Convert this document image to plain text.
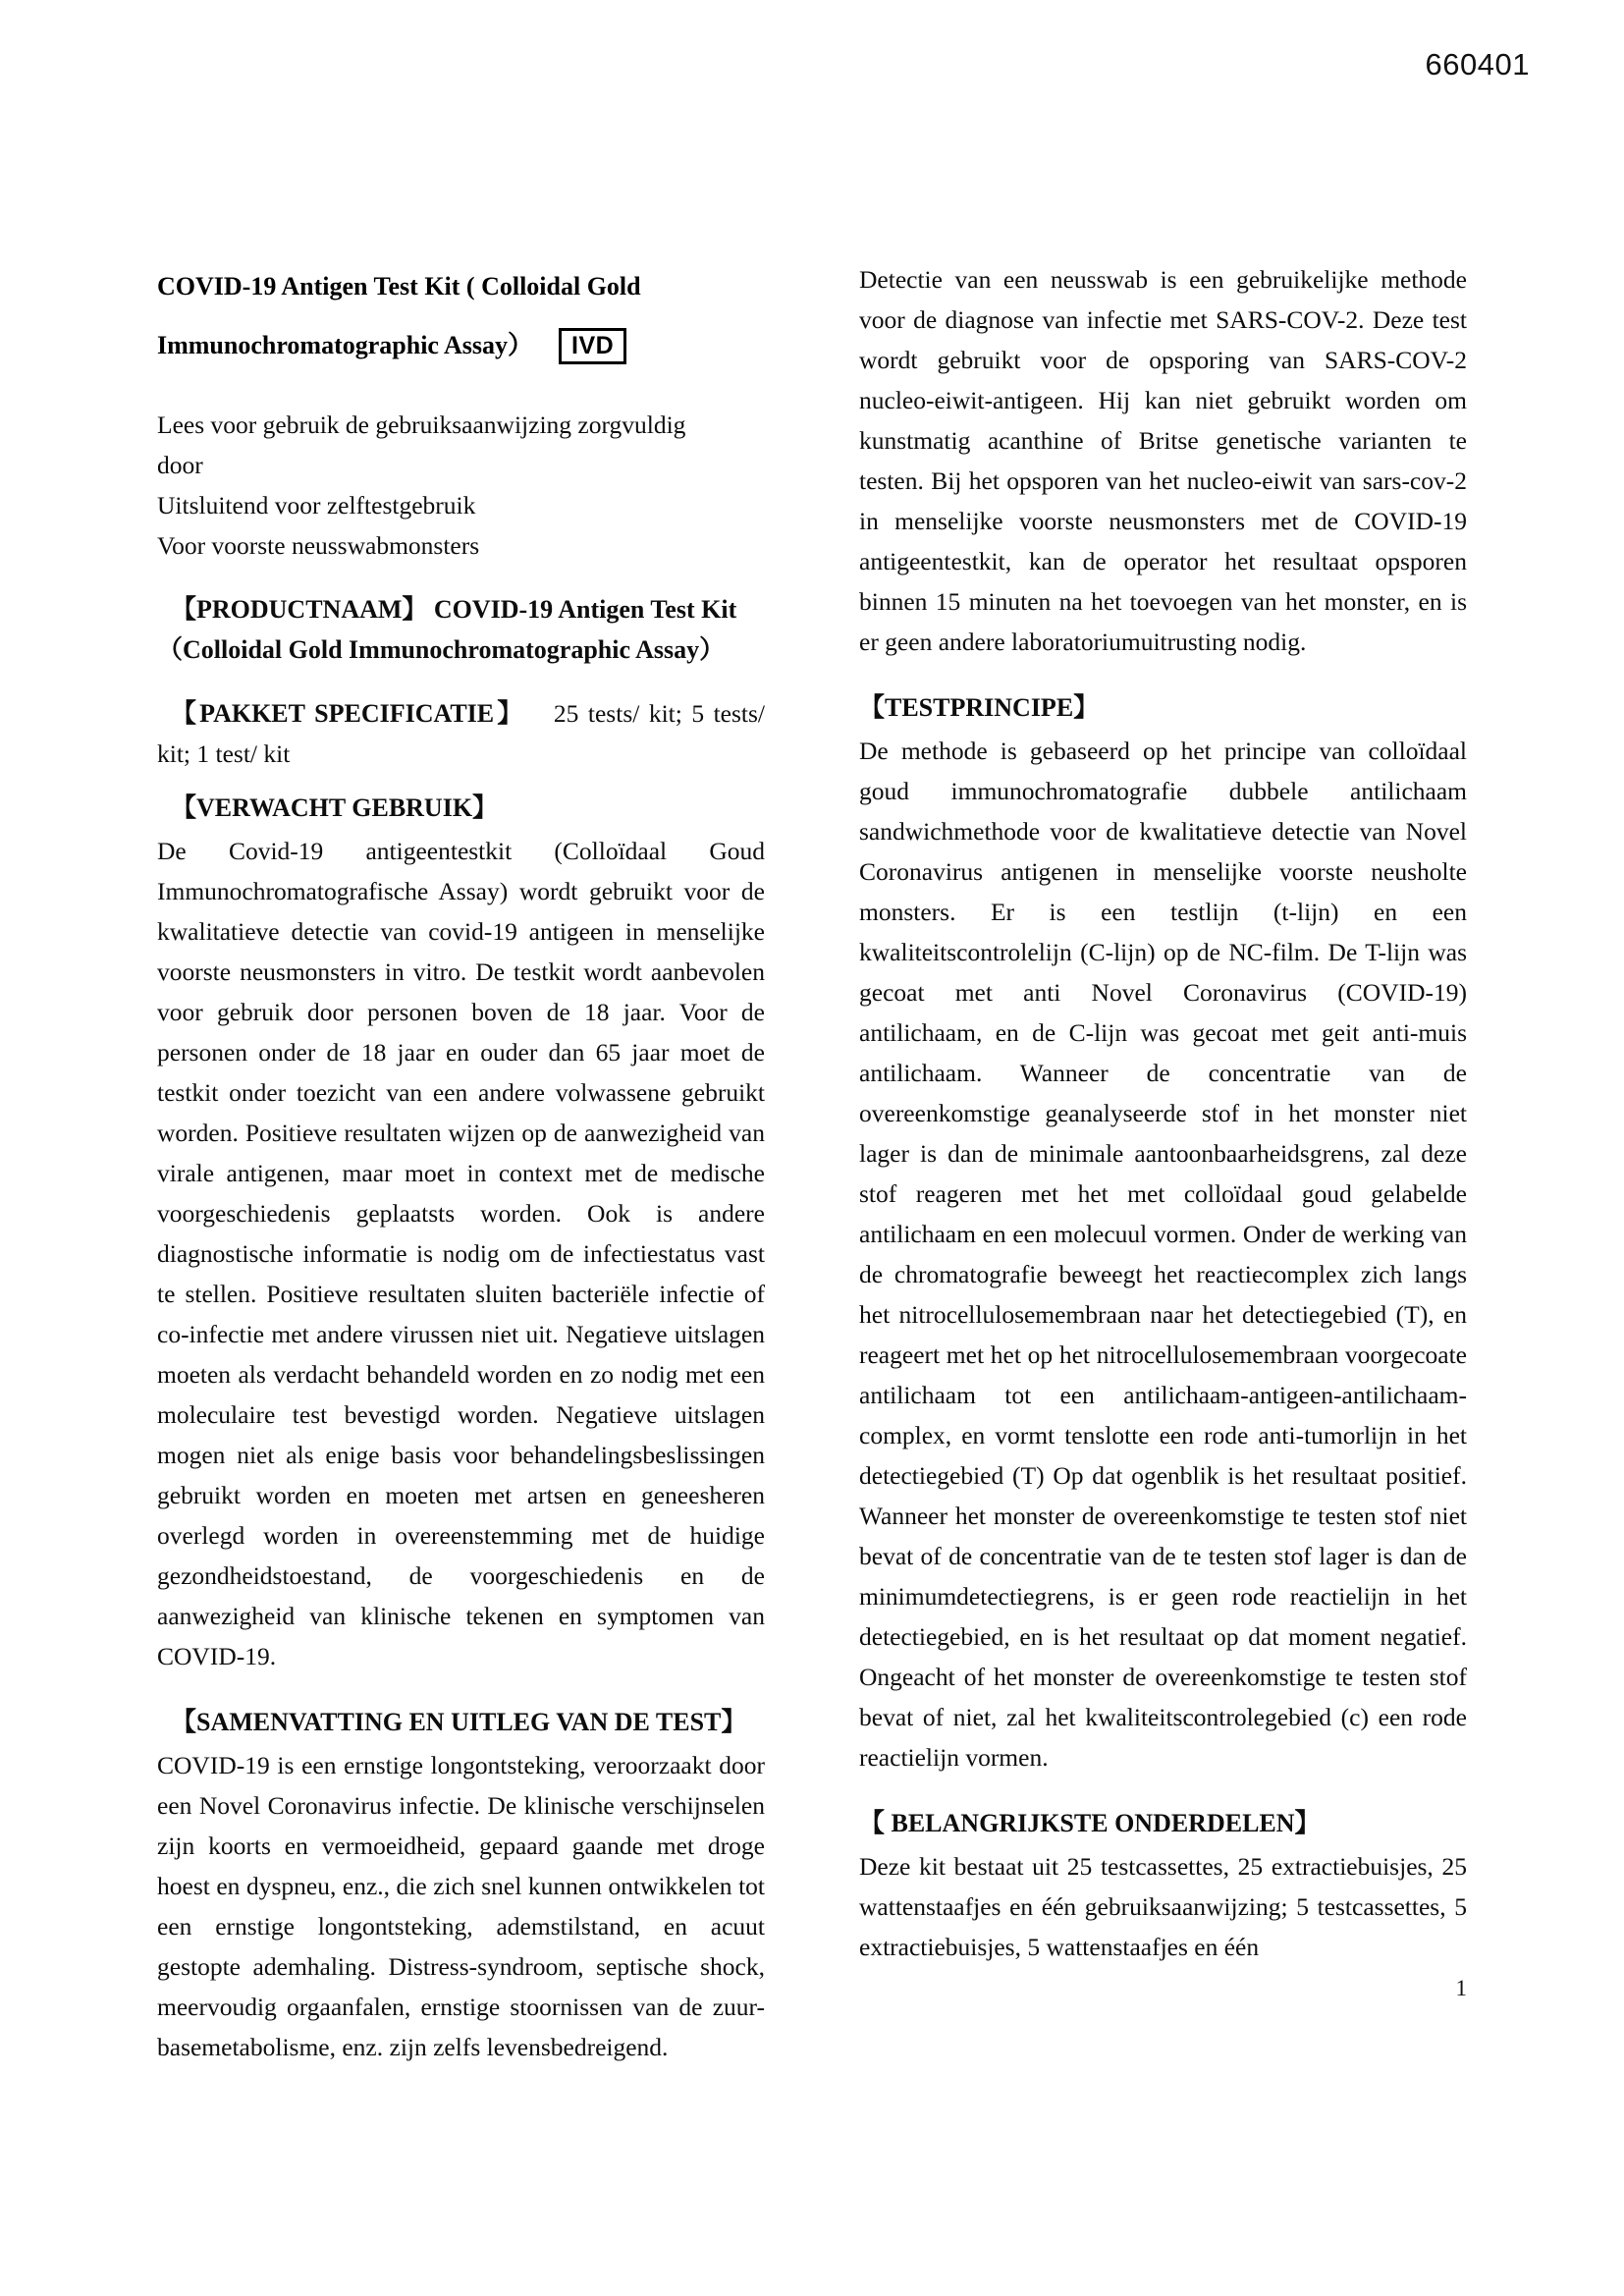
660401
COVID-19 Antigen Test Kit ( Colloidal Gold
Immunochromatographic Assay）	IVD

Lees voor gebruik de gebruiksaanwijzing zorgvuldig

door

Uitsluitend voor zelftestgebruik

Voor voorste neusswabmonsters

【PRODUCTNAAM】 COVID-19 Antigen Test Kit
（Colloidal Gold Immunochromatographic Assay）

【PAKKET SPECIFICATIE】 25 tests/ kit; 5 tests/ kit; 1 test/ kit

【VERWACHT GEBRUIK】

De Covid-19 antigeentestkit (Colloïdaal Goud Immunochromatografische Assay) wordt gebruikt voor de kwalitatieve detectie van covid-19 antigeen in menselijke voorste neusmonsters in vitro. De testkit wordt aanbevolen voor gebruik door personen boven de 18 jaar. Voor de personen onder de 18 jaar en ouder dan 65 jaar moet de testkit onder toezicht van een andere volwassene gebruikt worden. Positieve resultaten wijzen op de aanwezigheid van virale antigenen, maar moet in context met de medische voorgeschiedenis geplaatsts worden. Ook is andere diagnostische informatie is nodig om de infectiestatus vast te stellen. Positieve resultaten sluiten bacteriële infectie of co-infectie met andere virussen niet uit. Negatieve uitslagen moeten als verdacht behandeld worden en zo nodig met een moleculaire test bevestigd worden. Negatieve uitslagen mogen niet als enige basis voor behandelingsbeslissingen gebruikt worden en moeten met artsen en geneesheren overlegd worden in overeenstemming met de huidige gezondheidstoestand, de voorgeschiedenis en de aanwezigheid van klinische tekenen en symptomen van COVID-19.

【SAMENVATTING EN UITLEG VAN DE TEST】

COVID-19 is een ernstige longontsteking, veroorzaakt door een Novel Coronavirus infectie. De klinische verschijnselen zijn koorts en vermoeidheid, gepaard gaande met droge hoest en dyspneu, enz., die zich snel kunnen ontwikkelen tot een ernstige longontsteking, ademstilstand, en acuut gestopte ademhaling. Distress-syndroom, septische shock, meervoudig orgaanfalen, ernstige stoornissen van de zuur-basemetabolisme, enz. zijn zelfs levensbedreigend.

Detectie van een neusswab is een gebruikelijke methode voor de diagnose van infectie met SARS-COV-2. Deze test wordt gebruikt voor de opsporing van SARS-COV-2 nucleo-eiwit-antigeen. Hij kan niet gebruikt worden om kunstmatig acanthine of Britse genetische varianten te testen. Bij het opsporen van het nucleo-eiwit van sars-cov-2 in menselijke voorste neusmonsters met de COVID-19 antigeentestkit, kan de operator het resultaat opsporen binnen 15 minuten na het toevoegen van het monster, en is er geen andere laboratoriumuitrusting nodig.

【TESTPRINCIPE】

De methode is gebaseerd op het principe van colloïdaal goud immunochromatografie dubbele antilichaam sandwichmethode voor de kwalitatieve detectie van Novel Coronavirus antigenen in menselijke voorste neusholte monsters. Er is een testlijn (t-lijn) en een kwaliteitscontrolelijn (C-lijn) op de NC-film. De T-lijn was gecoat met anti Novel Coronavirus (COVID-19) antilichaam, en de C-lijn was gecoat met geit anti-muis antilichaam. Wanneer de concentratie van de overeenkomstige geanalyseerde stof in het monster niet lager is dan de minimale aantoonbaarheidsgrens, zal deze stof reageren met het met colloïdaal goud gelabelde antilichaam en een molecuul vormen. Onder de werking van de chromatografie beweegt het reactiecomplex zich langs het nitrocellulosemembraan naar het detectiegebied (T), en reageert met het op het nitrocellulosemembraan voorgecoate antilichaam tot een antilichaam-antigeen-antilichaam-complex, en vormt tenslotte een rode anti-tumorlijn in het detectiegebied (T) Op dat ogenblik is het resultaat positief. Wanneer het monster de overeenkomstige te testen stof niet bevat of de concentratie van de te testen stof lager is dan de minimumdetectiegrens, is er geen rode reactielijn in het detectiegebied, en is het resultaat op dat moment negatief. Ongeacht of het monster de overeenkomstige te testen stof bevat of niet, zal het kwaliteitscontrolegebied (c) een rode reactielijn vormen.

【 BELANGRIJKSTE ONDERDELEN】

Deze kit bestaat uit 25 testcassettes, 25 extractiebuisjes, 25 wattenstaafjes en één gebruiksaanwijzing; 5 testcassettes, 5 extractiebuisjes, 5 wattenstaafjes en één

1
